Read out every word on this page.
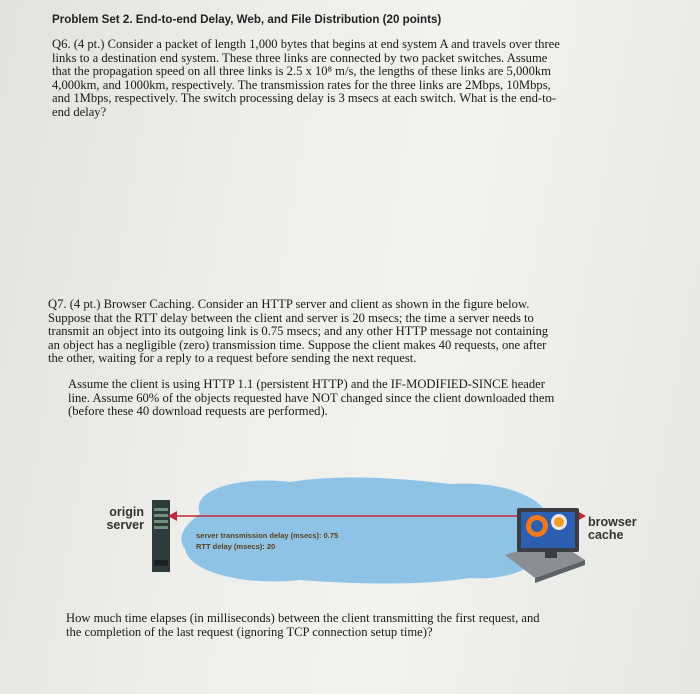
Problem Set 2. End-to-end Delay, Web, and File Distribution (20 points)
Q6. (4 pt.) Consider a packet of length 1,000 bytes that begins at end system A and travels over three
links to a destination end system. These three links are connected by two packet switches. Assume
that the propagation speed on all three links is 2.5 x 10⁸ m/s, the lengths of these links are 5,000km
4,000km, and 1000km, respectively. The transmission rates for the three links are 2Mbps, 10Mbps,
and 1Mbps, respectively. The switch processing delay is 3 msecs at each switch. What is the end-to-
end delay?
Q7. (4 pt.) Browser Caching. Consider an HTTP server and client as shown in the figure below.
Suppose that the RTT delay between the client and server is 20 msecs; the time a server needs to
transmit an object into its outgoing link is 0.75 msecs; and any other HTTP message not containing
an object has a negligible (zero) transmission time. Suppose the client makes 40 requests, one after
the other, waiting for a reply to a request before sending the next request.
Assume the client is using HTTP 1.1 (persistent HTTP) and the IF-MODIFIED-SINCE header
line. Assume 60% of the objects requested have NOT changed since the client downloaded them
(before these 40 download requests are performed).
origin
server
server transmission delay (msecs): 0.75
RTT delay (msecs): 20
browser
cache
How much time elapses (in milliseconds) between the client transmitting the first request, and
the completion of the last request (ignoring TCP connection setup time)?
